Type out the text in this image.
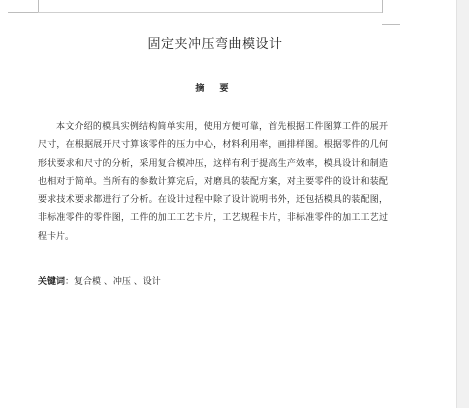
固定夹冲压弯曲模设计
摘 要

本文介绍的模具实例结构简单实用，使用方便可靠，首先根据工件图算工件的展开尺寸，在根据展开尺寸算该零件的压力中心，材料利用率，画排样图。根据零件的几何形状要求和尺寸的分析，采用复合模冲压，这样有利于提高生产效率，模具设计和制造也相对于简单。当所有的参数计算完后，对磨具的装配方案，对主要零件的设计和装配要求技术要求都进行了分析。在设计过程中除了设计说明书外，还包括模具的装配图，非标准零件的零件图，工件的加工工艺卡片，工艺规程卡片，非标准零件的加工工艺过程卡片。

关键词：复合模 、冲压 、设计
